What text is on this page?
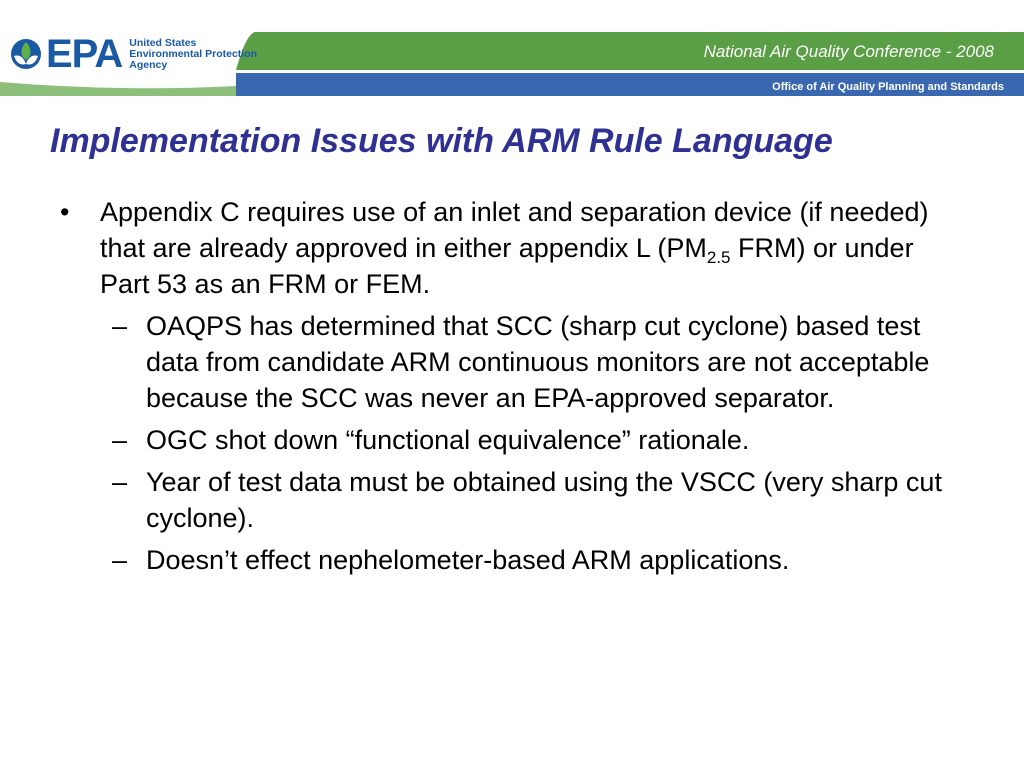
EPA United States
Environmental Protection
Agency
National Air Quality Conference - 2008
Office of Air Quality Planning and Standards
Implementation Issues with ARM Rule Language
•	Appendix C requires use of an inlet and separation device (if needed) that are already approved in either appendix L ($PM_{2.5}$ FRM) or under Part 53 as an FRM or FEM.
– OAQPS has determined that SCC (sharp cut cyclone) based test data from candidate ARM continuous monitors are not acceptable because the SCC was never an EPA-approved separator.
– OGC shot down “functional equivalence” rationale.
– Year of test data must be obtained using the VSCC (very sharp cut cyclone).
– Doesn’t effect nephelometer-based ARM applications.
